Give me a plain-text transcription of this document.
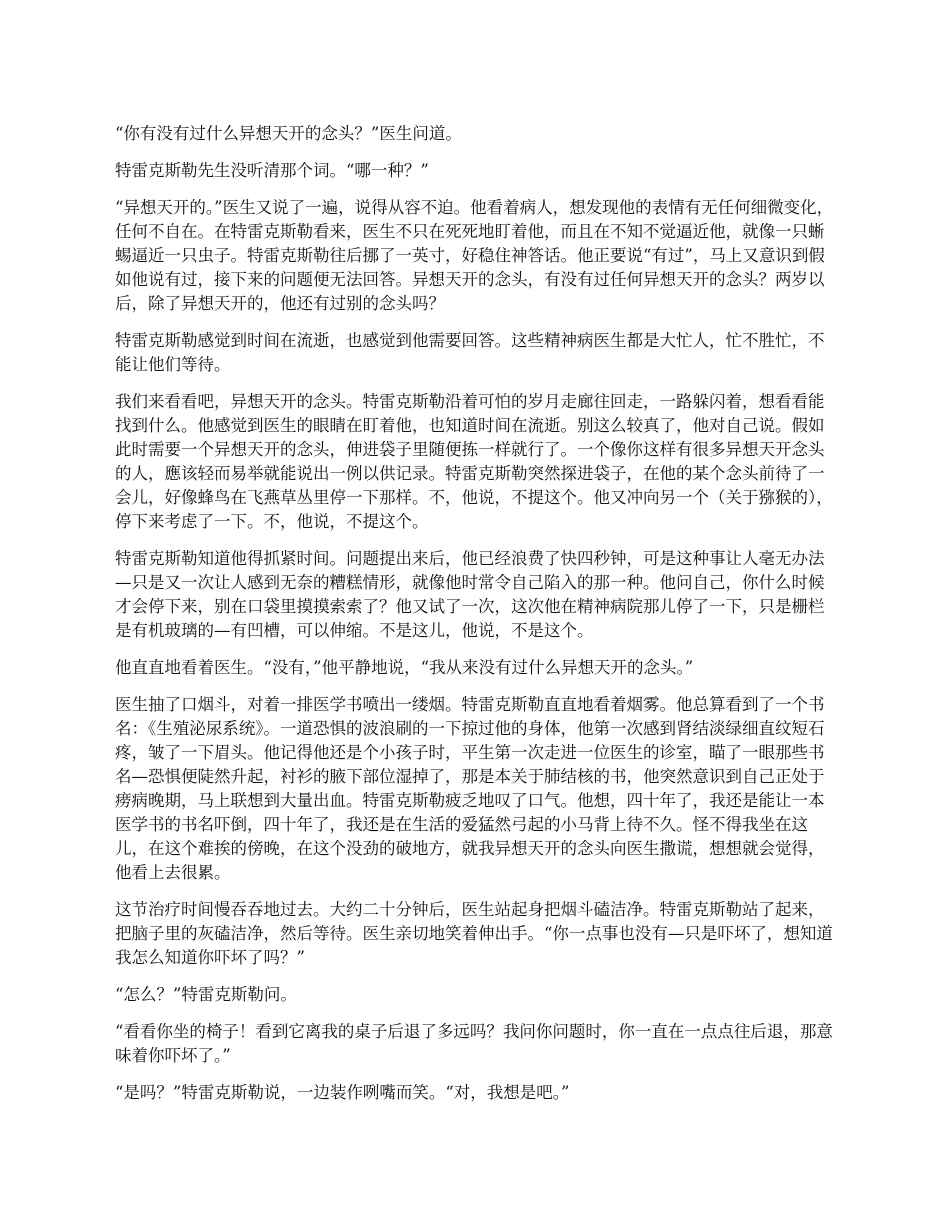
“你有没有过什么异想天开的念头？”医生问道。

特雷克斯勒先生没听清那个词。“哪一种？”

“异想天开的。”医生又说了一遍，说得从容不迫。他看着病人，想发现他的表情有无任何细微变化，任何不自在。在特雷克斯勒看来，医生不只在死死地盯着他，而且在不知不觉逼近他，就像一只蜥蜴逼近一只虫子。特雷克斯勒往后挪了一英寸，好稳住神答话。他正要说“有过”，马上又意识到假如他说有过，接下来的问题便无法回答。异想天开的念头，有没有过任何异想天开的念头？两岁以后，除了异想天开的，他还有过别的念头吗？

特雷克斯勒感觉到时间在流逝，也感觉到他需要回答。这些精神病医生都是大忙人，忙不胜忙，不能让他们等待。

我们来看看吧，异想天开的念头。特雷克斯勒沿着可怕的岁月走廊往回走，一路躲闪着，想看看能找到什么。他感觉到医生的眼睛在盯着他，也知道时间在流逝。别这么较真了，他对自己说。假如此时需要一个异想天开的念头，伸进袋子里随便拣一样就行了。一个像你这样有很多异想天开念头的人，應该轻而易举就能说出一例以供记录。特雷克斯勒突然探进袋子，在他的某个念头前待了一会儿，好像蜂鸟在飞燕草丛里停一下那样。不，他说，不提这个。他又冲向另一个（关于猕猴的），停下来考虑了一下。不，他说，不提这个。

特雷克斯勒知道他得抓紧时间。问题提出来后，他已经浪费了快四秒钟，可是这种事让人毫无办法—只是又一次让人感到无奈的糟糕情形，就像他时常令自己陷入的那一种。他问自己，你什么时候才会停下来，别在口袋里摸摸索索了？他又试了一次，这次他在精神病院那儿停了一下，只是栅栏是有机玻璃的—有凹槽，可以伸缩。不是这儿，他说，不是这个。

他直直地看着医生。“没有，”他平静地说，“我从来没有过什么异想天开的念头。”

医生抽了口烟斗，对着一排医学书喷出一缕烟。特雷克斯勒直直地看着烟雾。他总算看到了一个书名：《生殖泌尿系统》。一道恐惧的波浪刷的一下掠过他的身体，他第一次感到肾结淡绿细直纹短石疼，皱了一下眉头。他记得他还是个小孩子时，平生第一次走进一位医生的诊室，瞄了一眼那些书名—恐惧便陡然升起，衬衫的腋下部位湿掉了，那是本关于肺结核的书，他突然意识到自己正处于痨病晚期，马上联想到大量出血。特雷克斯勒疲乏地叹了口气。他想，四十年了，我还是能让一本医学书的书名吓倒，四十年了，我还是在生活的爱猛然弓起的小马背上待不久。怪不得我坐在这儿，在这个难挨的傍晚，在这个没劲的破地方，就我异想天开的念头向医生撒谎，想想就会觉得，他看上去很累。

这节治疗时间慢吞吞地过去。大约二十分钟后，医生站起身把烟斗磕洁净。特雷克斯勒站了起来，把脑子里的灰磕洁净，然后等待。医生亲切地笑着伸出手。“你一点事也没有—只是吓坏了，想知道我怎么知道你吓坏了吗？”

“怎么？”特雷克斯勒问。

“看看你坐的椅子！看到它离我的桌子后退了多远吗？我问你问题时，你一直在一点点往后退，那意味着你吓坏了。”

“是吗？”特雷克斯勒说，一边装作咧嘴而笑。“对，我想是吧。”
